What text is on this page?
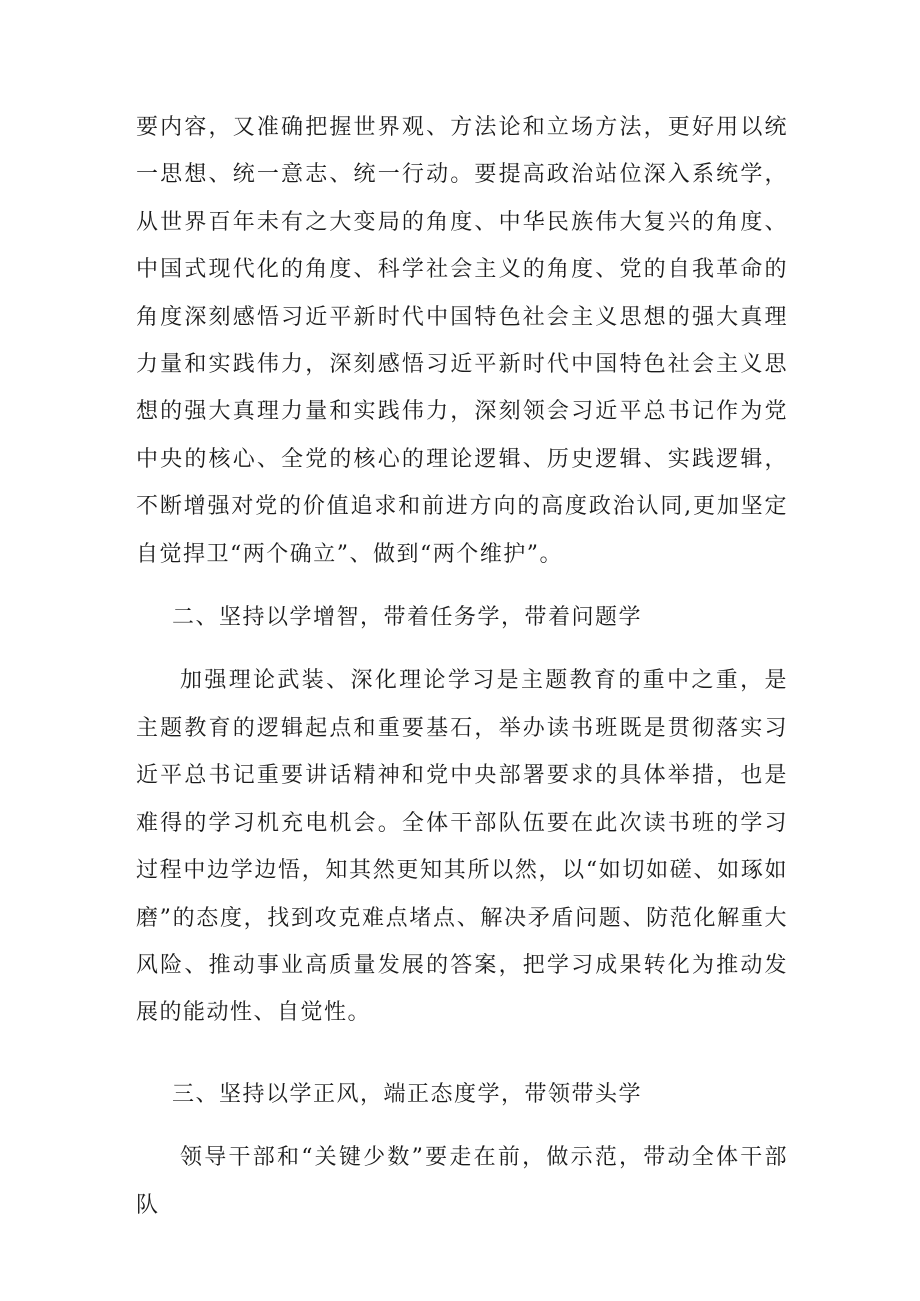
要内容，又准确把握世界观、方法论和立场方法，更好用以统一思想、统一意志、统一行动。要提高政治站位深入系统学，从世界百年未有之大变局的角度、中华民族伟大复兴的角度、中国式现代化的角度、科学社会主义的角度、党的自我革命的角度深刻感悟习近平新时代中国特色社会主义思想的强大真理力量和实践伟力，深刻感悟习近平新时代中国特色社会主义思想的强大真理力量和实践伟力，深刻领会习近平总书记作为党中央的核心、全党的核心的理论逻辑、历史逻辑、实践逻辑，不断增强对党的价值追求和前进方向的高度政治认同,更加坚定自觉捍卫“两个确立”、做到“两个维护”。

二、坚持以学增智，带着任务学，带着问题学

加强理论武装、深化理论学习是主题教育的重中之重，是主题教育的逻辑起点和重要基石，举办读书班既是贯彻落实习近平总书记重要讲话精神和党中央部署要求的具体举措，也是难得的学习机充电机会。全体干部队伍要在此次读书班的学习过程中边学边悟，知其然更知其所以然，以“如切如磋、如琢如磨”的态度，找到攻克难点堵点、解决矛盾问题、防范化解重大风险、推动事业高质量发展的答案，把学习成果转化为推动发展的能动性、自觉性。

三、坚持以学正风，端正态度学，带领带头学

领导干部和“关键少数”要走在前，做示范，带动全体干部队
